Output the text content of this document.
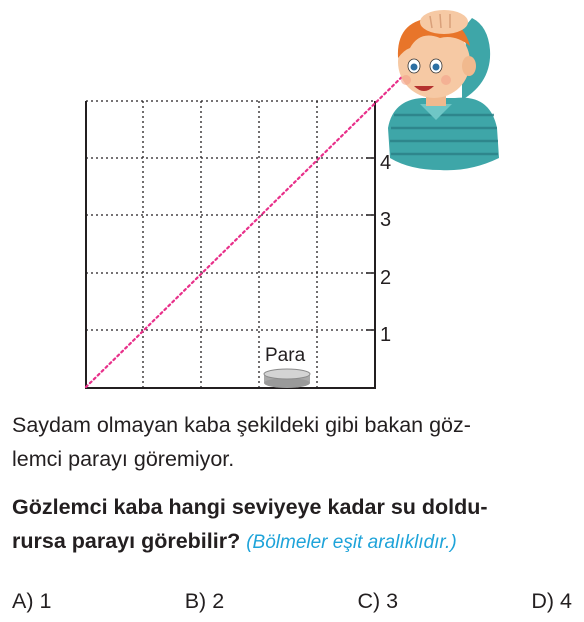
1
2
3
4
Para

Saydam olmayan kaba şekildeki gibi bakan göz-
lemci parayı göremiyor.

Gözlemci kaba hangi seviyeye kadar su doldu-
rursa parayı görebilir? (Bölmeler eşit aralıklıdır.)

A) 1	B) 2	C) 3	D) 4
